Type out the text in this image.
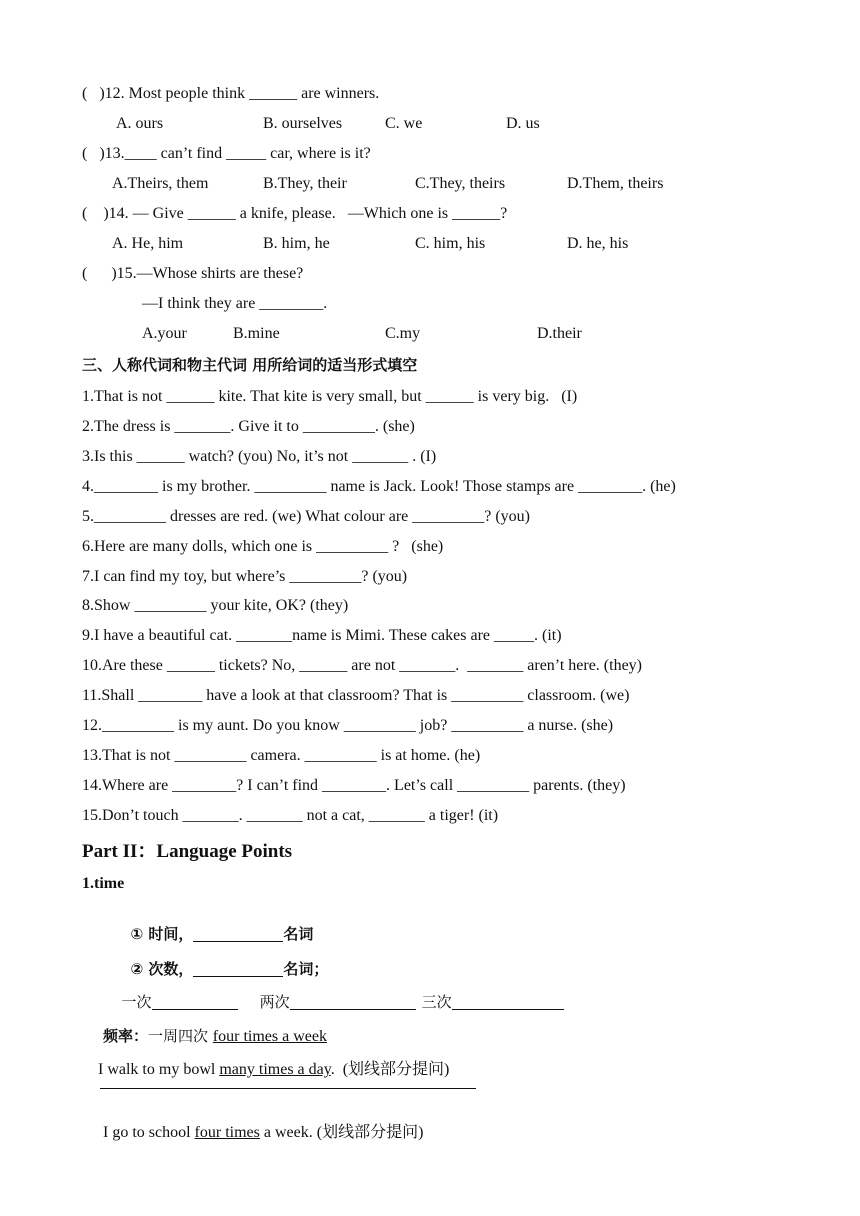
(   )12. Most people think ______ are winners.
A. ours	B. ourselves	C. we	D. us
(   )13.____ can’t find _____ car, where is it?
A.Theirs, them	B.They, their	C.They, theirs	D.Them, theirs
(    )14. — Give ______ a knife, please.   —Which one is ______?
A. He, him	B. him, he	C. him, his	D. he, his
(      )15.—Whose shirts are these?
—I think they are ________.
A.your	B.mine	C.my	D.their
三、人称代词和物主代词 用所给词的适当形式填空
1.That is not ______ kite. That kite is very small, but ______ is very big.   (I)
2.The dress is _______. Give it to _________. (she)
3.Is this ______ watch? (you) No, it’s not _______ . (I)
4.________ is my brother. _________ name is Jack. Look! Those stamps are ________. (he)
5._________ dresses are red. (we) What colour are _________? (you)
6.Here are many dolls, which one is _________ ?   (she)
7.I can find my toy, but where’s _________? (you)
8.Show _________ your kite, OK? (they)
9.I have a beautiful cat. _______name is Mimi. These cakes are _____. (it)
10.Are these ______ tickets? No, ______ are not _______.  _______ aren’t here. (they)
11.Shall ________ have a look at that classroom? That is _________ classroom. (we)
12._________ is my aunt. Do you know _________ job? _________ a nurse. (she)
13.That is not _________ camera. _________ is at home. (he)
14.Where are ________? I can’t find ________. Let’s call _________ parents. (they)
15.Don’t touch _______. _______ not a cat, _______ a tiger! (it)
Part II：Language Points
1.time

① 时间，	名词

② 次数，	名词；

一次	两次	三次

频率：一周四次 four times a week

I walk to my bowl many times a day.  (划线部分提问)

I go to school four times a week. (划线部分提问)
